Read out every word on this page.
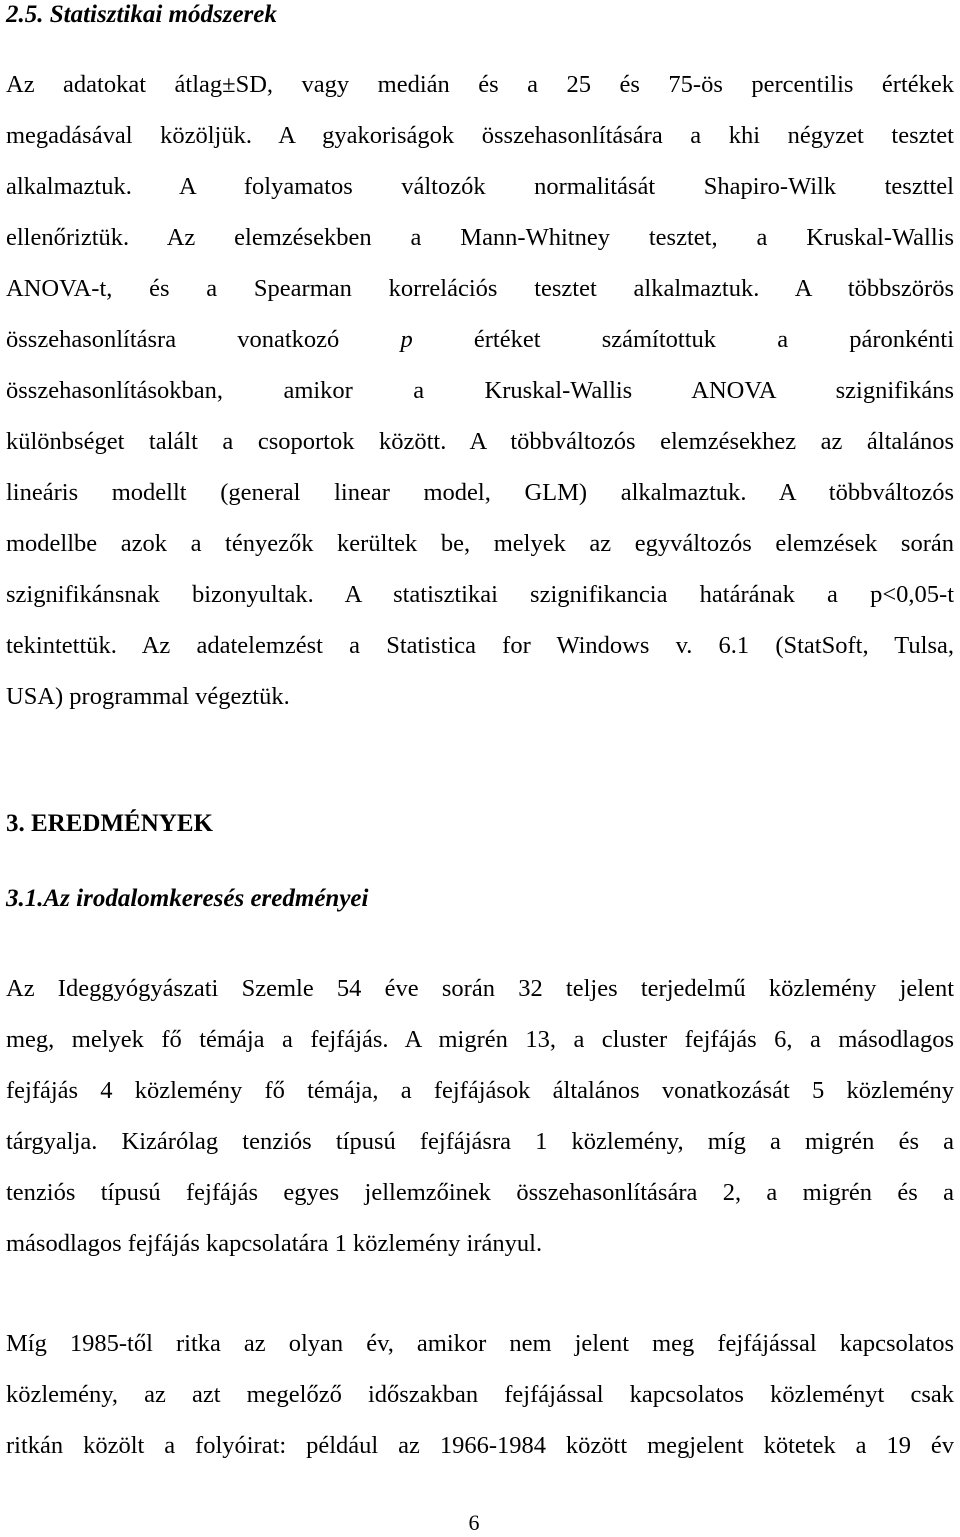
2.5. Statisztikai módszerek
Az adatokat átlag±SD, vagy medián és a 25 és 75-ös percentilis értékek
megadásával közöljük. A gyakoriságok összehasonlítására a khi négyzet tesztet
alkalmaztuk. A folyamatos változók normalitását Shapiro-Wilk teszttel
ellenőriztük. Az elemzésekben a Mann-Whitney tesztet, a Kruskal-Wallis
ANOVA-t, és a Spearman korrelációs tesztet alkalmaztuk. A többszörös
összehasonlításra vonatkozó p értéket számítottuk a páronkénti
összehasonlításokban, amikor a Kruskal-Wallis ANOVA szignifikáns
különbséget talált a csoportok között. A többváltozós elemzésekhez az általános
lineáris modellt (general linear model, GLM) alkalmaztuk. A többváltozós
modellbe azok a tényezők kerültek be, melyek az egyváltozós elemzések során
szignifikánsnak bizonyultak. A statisztikai szignifikancia határának a p<0,05-t
tekintettük. Az adatelemzést a Statistica for Windows v. 6.1 (StatSoft, Tulsa,
USA) programmal végeztük.
3. EREDMÉNYEK
3.1.Az irodalomkeresés eredményei
Az Ideggyógyászati Szemle 54 éve során 32 teljes terjedelmű közlemény jelent
meg, melyek fő témája a fejfájás. A migrén 13, a cluster fejfájás 6, a másodlagos
fejfájás 4 közlemény fő témája, a fejfájások általános vonatkozását 5 közlemény
tárgyalja. Kizárólag tenziós típusú fejfájásra 1 közlemény, míg a migrén és a
tenziós típusú fejfájás egyes jellemzőinek összehasonlítására 2, a migrén és a
másodlagos fejfájás kapcsolatára 1 közlemény irányul.
Míg 1985-től ritka az olyan év, amikor nem jelent meg fejfájással kapcsolatos
közlemény, az azt megelőző időszakban fejfájással kapcsolatos közleményt csak
ritkán közölt a folyóirat: például az 1966-1984 között megjelent kötetek a 19 év
6
